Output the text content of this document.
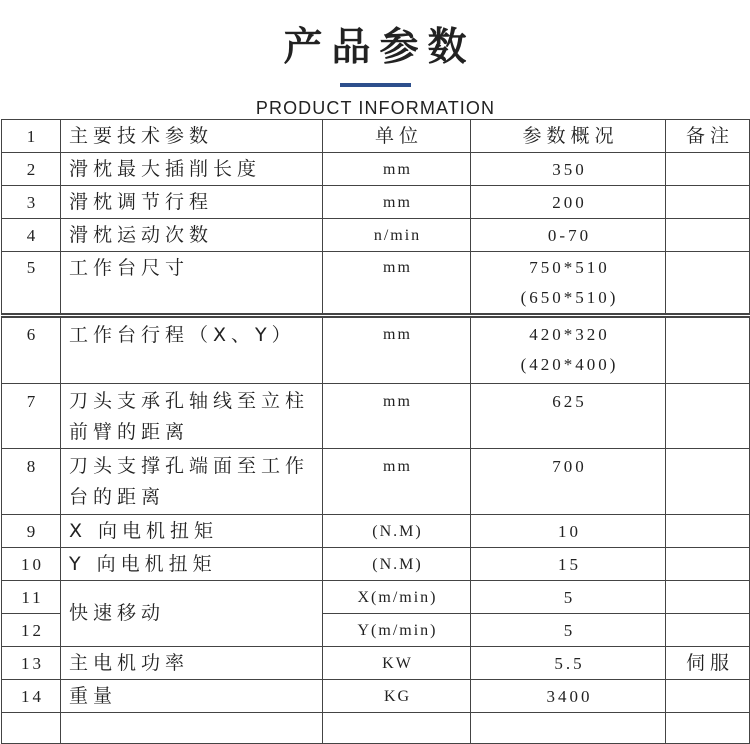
产品参数
PRODUCT INFORMATION
1	主要技术参数	单位	参数概况	备注
2	滑枕最大插削长度	mm	350	
3	滑枕调节行程	mm	200	
4	滑枕运动次数	n/min	0-70	
5	工作台尺寸	mm	750*510
(650*510)	

6	工作台行程（X、Y）	mm	420*320
(420*400)	

7	刀头支承孔轴线至立柱
前臂的距离	mm	625	
8	刀头支撑孔端面至工作
台的距离	mm	700	
9	X 向电机扭矩	(N.M)	10	
10	Y 向电机扭矩	(N.M)	15	
11	快速移动	X(m/min)	5	
12		Y(m/min)	5	
13	主电机功率	KW	5.5	伺服
14	重量	KG	3400	
